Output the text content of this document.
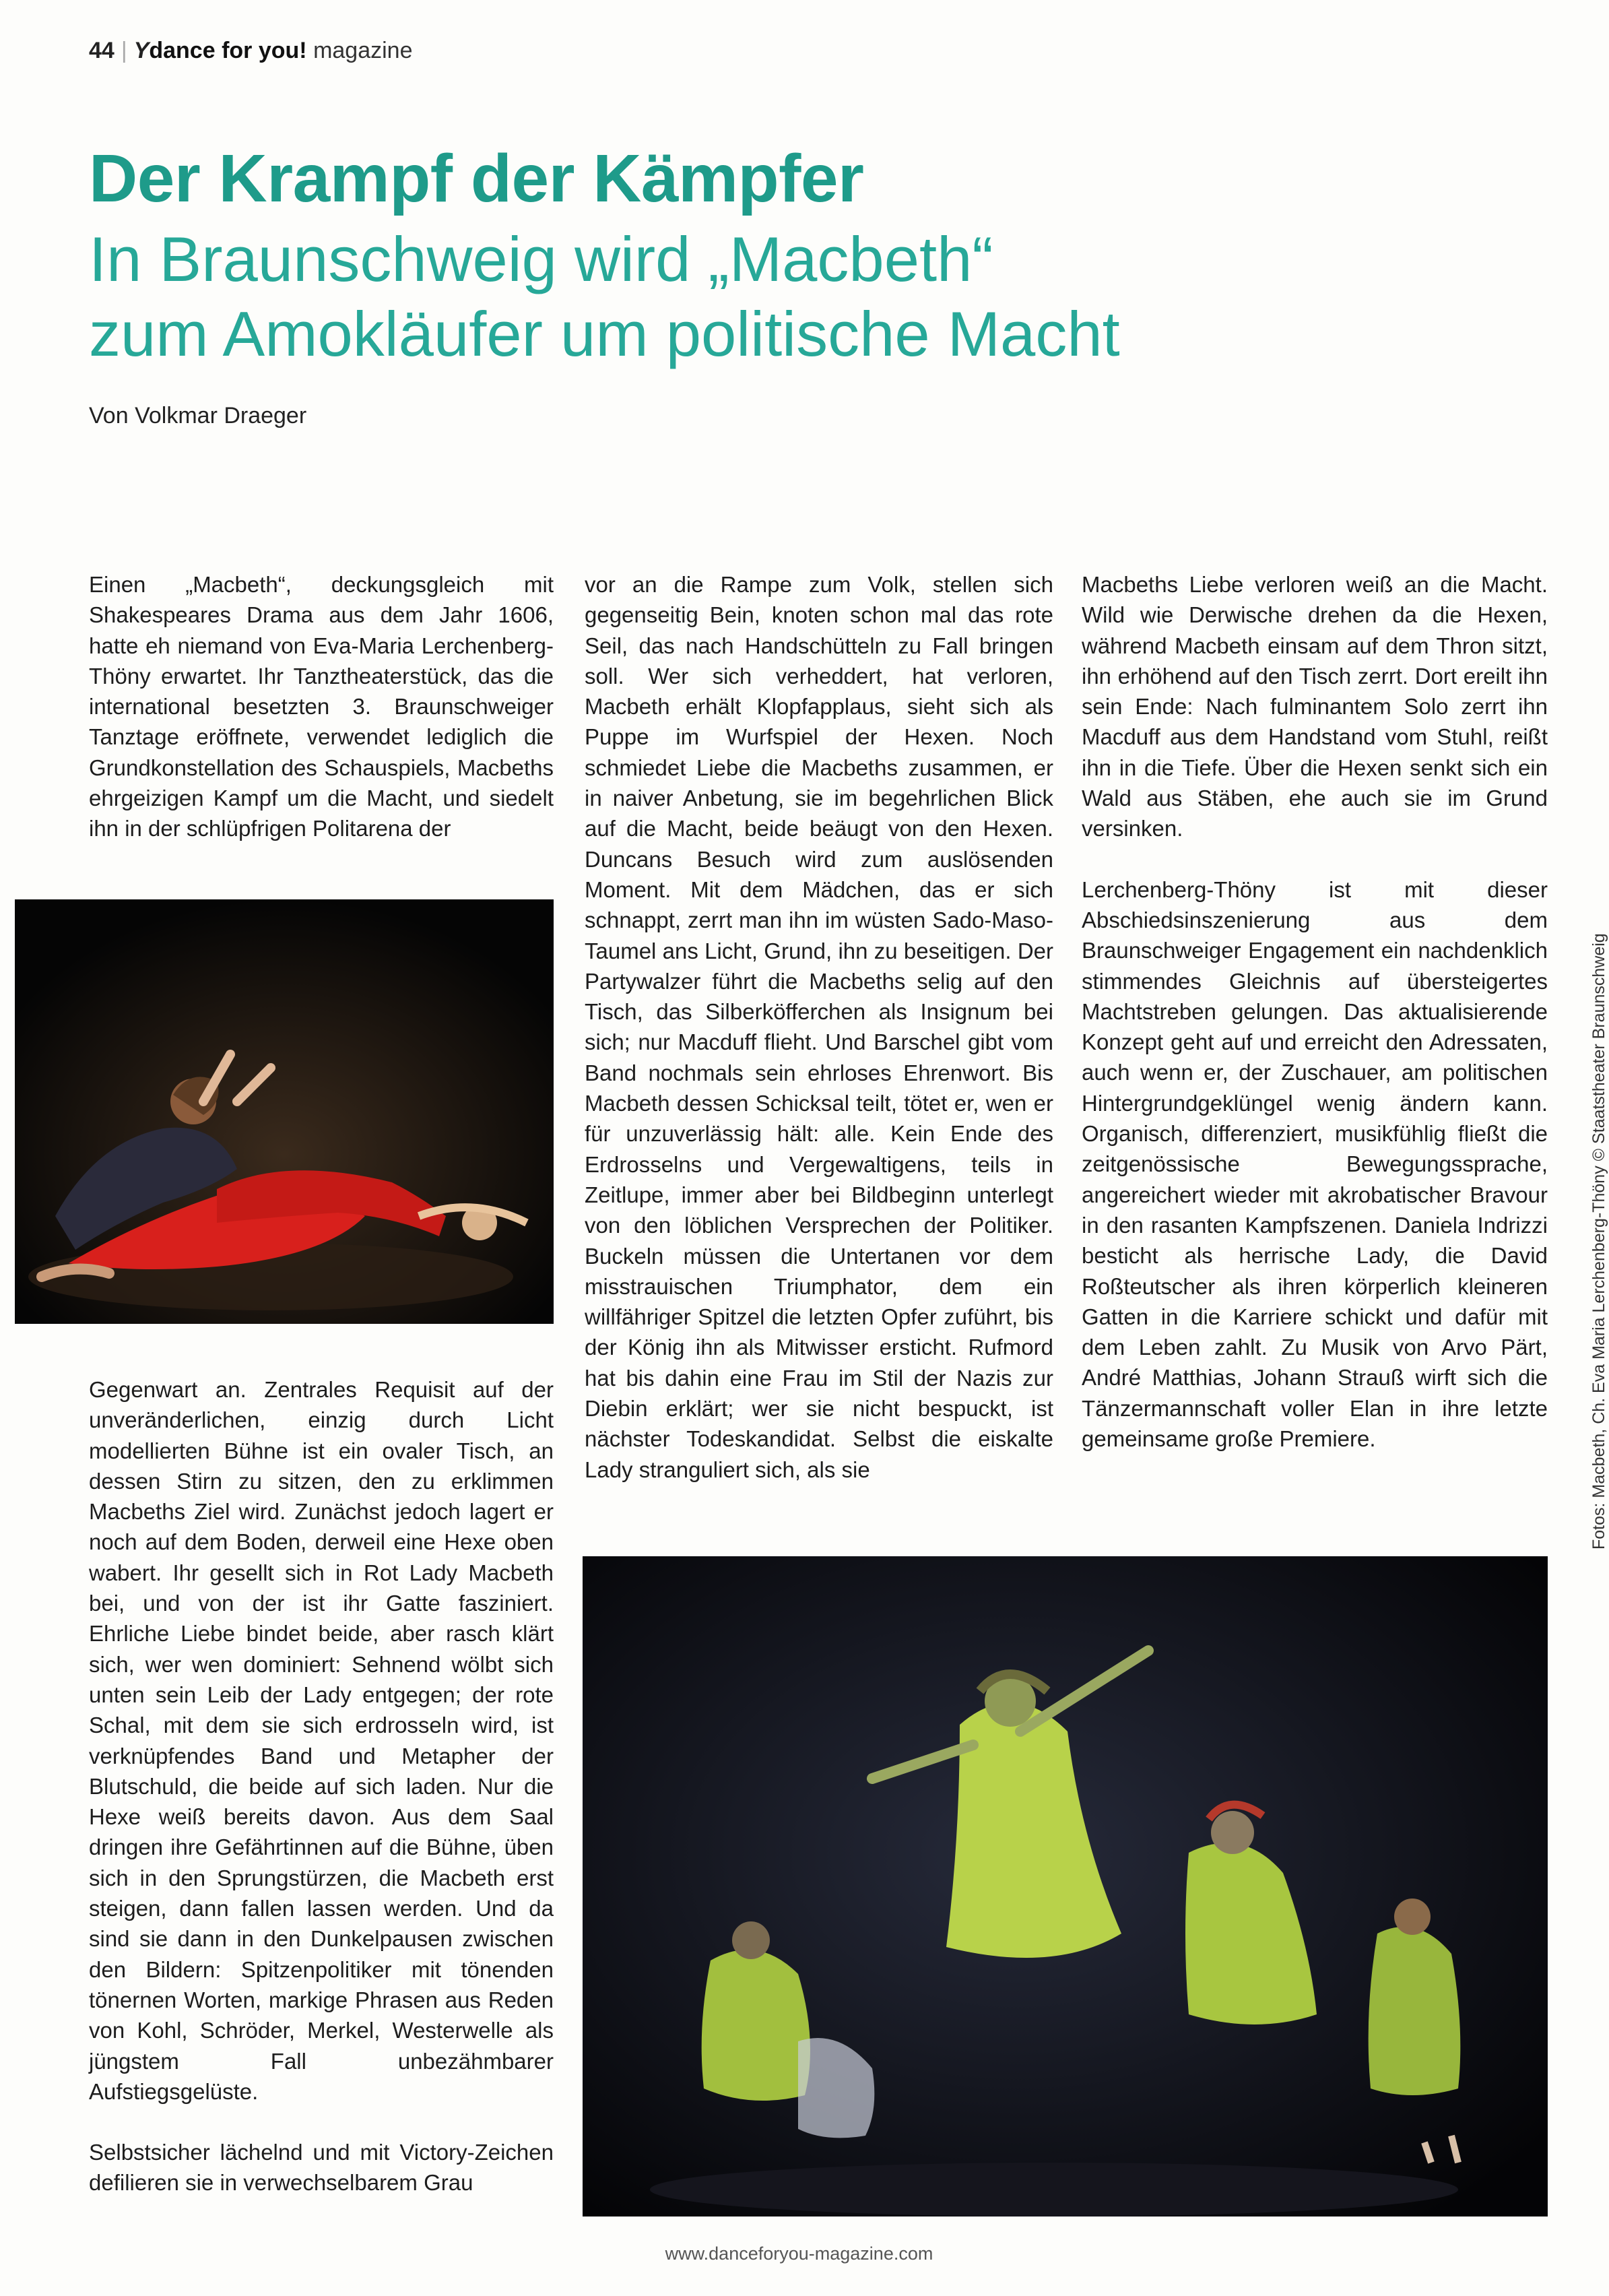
44 | Ydance for you! magazine
Der Krampf der Kämpfer
In Braunschweig wird „Macbeth“
zum Amokläufer um politische Macht
Von Volkmar Draeger

Einen „Macbeth“, deckungsgleich mit Shakespeares Drama aus dem Jahr 1606, hatte eh niemand von Eva-Maria Lerchenberg-Thöny erwartet. Ihr Tanztheaterstück, das die international besetzten 3. Braunschweiger Tanztage eröffnete, verwendet lediglich die Grundkonstellation des Schauspiels, Macbeths ehrgeizigen Kampf um die Macht, und siedelt ihn in der schlüpfrigen Politarena der

Gegenwart an. Zentrales Requisit auf der unveränderlichen, einzig durch Licht modellierten Bühne ist ein ovaler Tisch, an dessen Stirn zu sitzen, den zu erklimmen Macbeths Ziel wird. Zunächst jedoch lagert er noch auf dem Boden, derweil eine Hexe oben wabert. Ihr gesellt sich in Rot Lady Macbeth bei, und von der ist ihr Gatte fasziniert. Ehrliche Liebe bindet beide, aber rasch klärt sich, wer wen dominiert: Sehnend wölbt sich unten sein Leib der Lady entgegen; der rote Schal, mit dem sie sich erdrosseln wird, ist verknüpfendes Band und Metapher der Blutschuld, die beide auf sich laden. Nur die Hexe weiß bereits davon. Aus dem Saal dringen ihre Gefährtinnen auf die Bühne, üben sich in den Sprungstürzen, die Macbeth erst steigen, dann fallen lassen werden. Und da sind sie dann in den Dunkelpausen zwischen den Bildern: Spitzenpolitiker mit tönenden tönernen Worten, markige Phrasen aus Reden von Kohl, Schröder, Merkel, Westerwelle als jüngstem Fall unbezähmbarer Aufstiegsgelüste.

Selbstsicher lächelnd und mit Victory-Zeichen defilieren sie in verwechselbarem Grau

vor an die Rampe zum Volk, stellen sich gegenseitig Bein, knoten schon mal das rote Seil, das nach Handschütteln zu Fall bringen soll. Wer sich verheddert, hat verloren, Macbeth erhält Klopfapplaus, sieht sich als Puppe im Wurfspiel der Hexen. Noch schmiedet Liebe die Macbeths zusammen, er in naiver Anbetung, sie im begehrlichen Blick auf die Macht, beide beäugt von den Hexen. Duncans Besuch wird zum auslösenden Moment. Mit dem Mädchen, das er sich schnappt, zerrt man ihn im wüsten Sado-Maso-Taumel ans Licht, Grund, ihn zu beseitigen. Der Partywalzer führt die Macbeths selig auf den Tisch, das Silberköfferchen als Insignum bei sich; nur Macduff flieht. Und Barschel gibt vom Band nochmals sein ehrloses Ehrenwort. Bis Macbeth dessen Schicksal teilt, tötet er, wen er für unzuverlässig hält: alle. Kein Ende des Erdrosselns und Vergewaltigens, teils in Zeitlupe, immer aber bei Bildbeginn unterlegt von den löblichen Versprechen der Politiker. Buckeln müssen die Untertanen vor dem misstrauischen Triumphator, dem ein willfähriger Spitzel die letzten Opfer zuführt, bis der König ihn als Mitwisser ersticht. Rufmord hat bis dahin eine Frau im Stil der Nazis zur Diebin erklärt; wer sie nicht bespuckt, ist nächster Todeskandidat. Selbst die eiskalte Lady stranguliert sich, als sie

Macbeths Liebe verloren weiß an die Macht. Wild wie Derwische drehen da die Hexen, während Macbeth einsam auf dem Thron sitzt, ihn erhöhend auf den Tisch zerrt. Dort ereilt ihn sein Ende: Nach fulminantem Solo zerrt ihn Macduff aus dem Handstand vom Stuhl, reißt ihn in die Tiefe. Über die Hexen senkt sich ein Wald aus Stäben, ehe auch sie im Grund versinken.

Lerchenberg-Thöny ist mit dieser Abschiedsinszenierung aus dem Braunschweiger Engagement ein nachdenklich stimmendes Gleichnis auf übersteigertes Machtstreben gelungen. Das aktualisierende Konzept geht auf und erreicht den Adressaten, auch wenn er, der Zuschauer, am politischen Hintergrundgeklüngel wenig ändern kann. Organisch, differenziert, musikfühlig fließt die zeitgenössische Bewegungssprache, angereichert wieder mit akrobatischer Bravour in den rasanten Kampfszenen. Daniela Indrizzi besticht als herrische Lady, die David Roßteutscher als ihren körperlich kleineren Gatten in die Karriere schickt und dafür mit dem Leben zahlt. Zu Musik von Arvo Pärt, André Matthias, Johann Strauß wirft sich die Tänzermannschaft voller Elan in ihre letzte gemeinsame große Premiere.	Fotos: Macbeth, Ch. Eva Maria Lerchenberg-Thöny © Staatstheater Braunschweig
www.danceforyou-magazine.com
